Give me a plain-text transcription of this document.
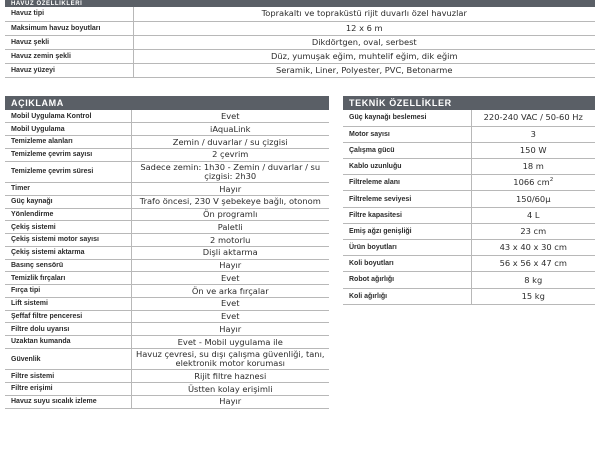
HAVUZ ÖZELLİKLERİ
Havuz tipi	Toprakaltı ve topraküstü rijit duvarlı özel havuzlar
Maksimum havuz boyutları	12 x 6 m
Havuz şekli	Dikdörtgen, oval, serbest
Havuz zemin şekli	Düz, yumuşak eğim, muhtelif eğim, dik eğim
Havuz yüzeyi	Seramik, Liner, Polyester, PVC, Betonarme
AÇIKLAMA
Mobil Uygulama Kontrol	Evet
Mobil Uygulama	iAquaLink
Temizleme alanları	Zemin / duvarlar / su çizgisi
Temizleme çevrim sayısı	2 çevrim
Temizleme çevrim süresi	Sadece zemin: 1h30 - Zemin / duvarlar / su çizgisi: 2h30
Timer	Hayır
Güç kaynağı	Trafo öncesi, 230 V şebekeye bağlı, otonom
Yönlendirme	Ön programlı
Çekiş sistemi	Paletli
Çekiş sistemi motor sayısı	2 motorlu
Çekiş sistemi aktarma	Dişli aktarma
Basınç sensörü	Hayır
Temizlik fırçaları	Evet
Fırça tipi	Ön ve arka fırçalar
Lift sistemi	Evet
Şeffaf filtre penceresi	Evet
Filtre dolu uyarısı	Hayır
Uzaktan kumanda	Evet - Mobil uygulama ile
Güvenlik	Havuz çevresi, su dışı çalışma güvenliği, tanı, elektronik motor koruması
Filtre sistemi	Rijit filtre haznesi
Filtre erişimi	Üstten kolay erişimli
Havuz suyu sıcalık izleme	Hayır
TEKNİK ÖZELLİKLER
Güç kaynağı beslemesi	220-240 VAC / 50-60 Hz
Motor sayısı	3
Çalışma gücü	150 W
Kablo uzunluğu	18 m
Filtreleme alanı	1066 $cm^2$
Filtreleme seviyesi	150/60µ
Filtre kapasitesi	4 L
Emiş ağzı genişliği	23 cm
Ürün boyutları	43 x 40 x 30 cm
Koli boyutları	56 x 56 x 47 cm
Robot ağırlığı	8 kg
Koli ağırlığı	15 kg
